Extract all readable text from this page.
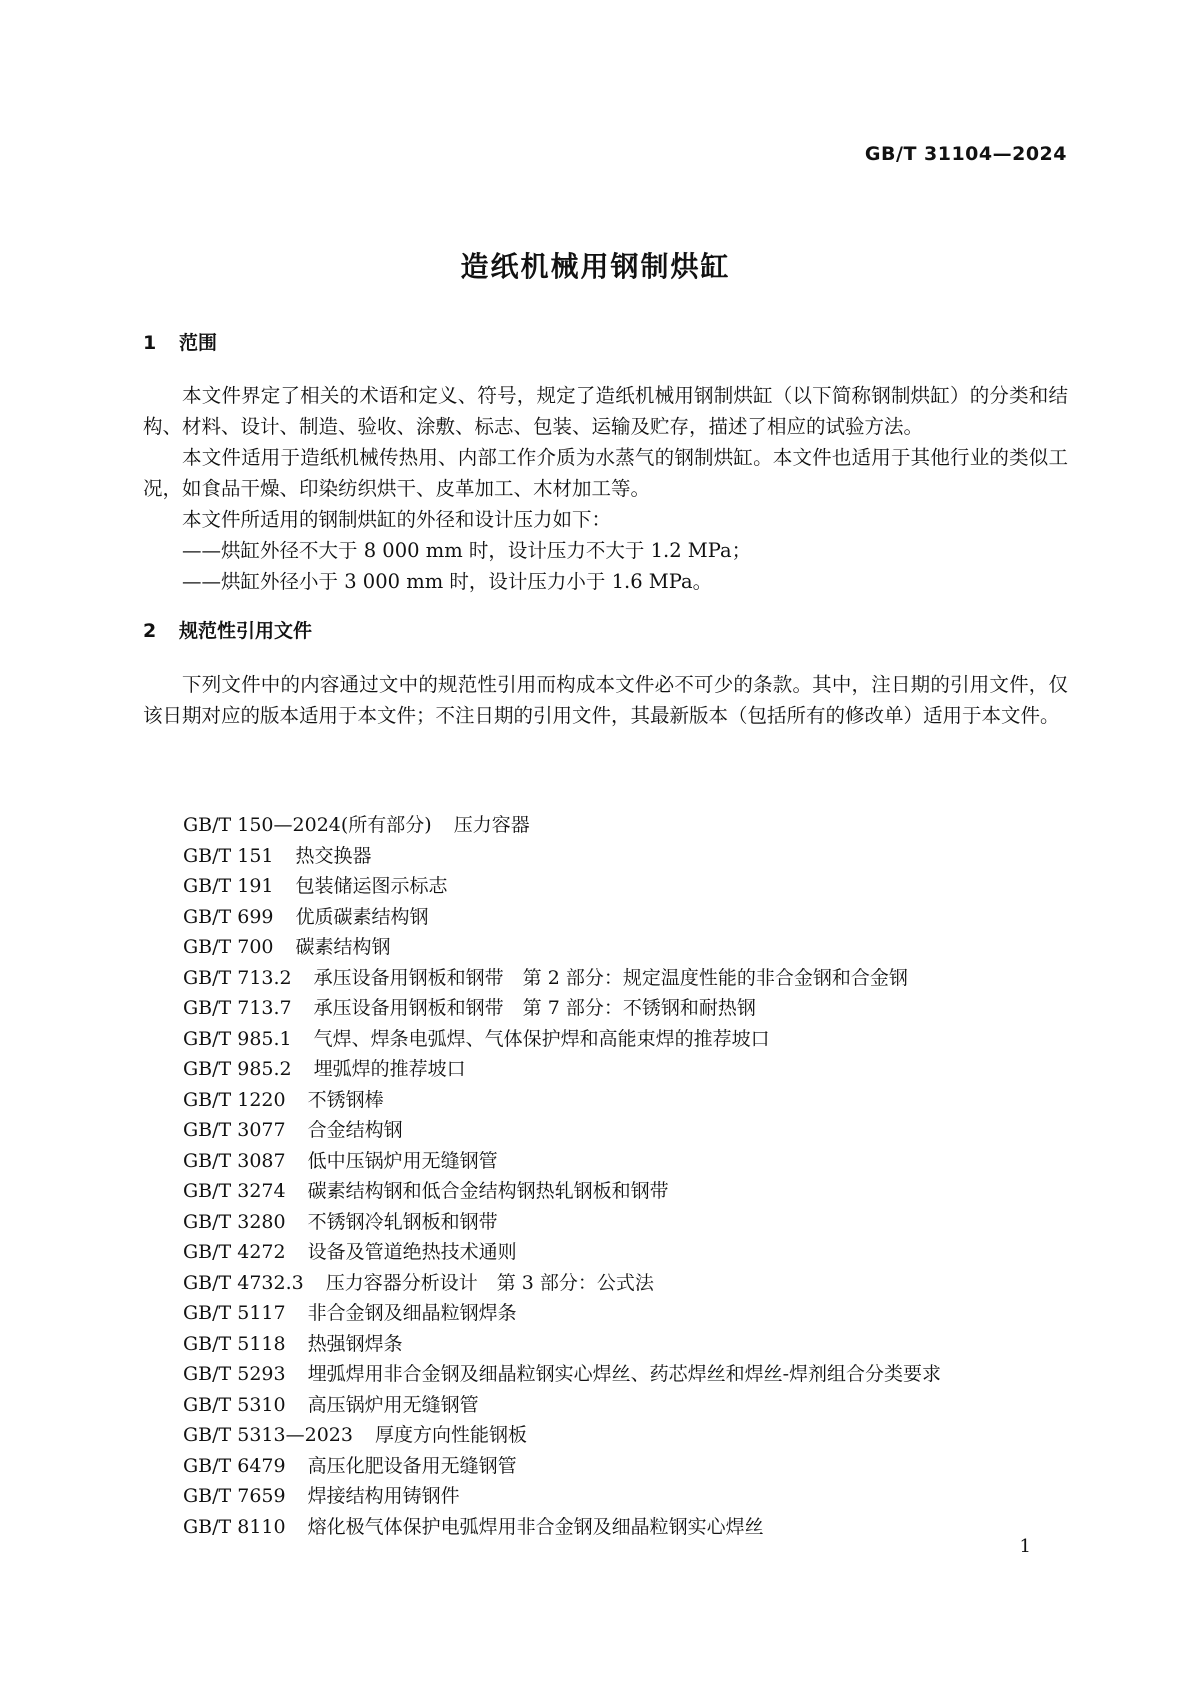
GB/T 31104—2024
造纸机械用钢制烘缸
1 范围

本文件界定了相关的术语和定义、符号，规定了造纸机械用钢制烘缸（以下简称钢制烘缸）的分类和结构、材料、设计、制造、验收、涂敷、标志、包装、运输及贮存，描述了相应的试验方法。

本文件适用于造纸机械传热用、内部工作介质为水蒸气的钢制烘缸。本文件也适用于其他行业的类似工况，如食品干燥、印染纺织烘干、皮革加工、木材加工等。

本文件所适用的钢制烘缸的外径和设计压力如下：

——烘缸外径不大于 8 000 mm 时，设计压力不大于 1.2 MPa；

——烘缸外径小于 3 000 mm 时，设计压力小于 1.6 MPa。

2 规范性引用文件

下列文件中的内容通过文中的规范性引用而构成本文件必不可少的条款。其中，注日期的引用文件，仅该日期对应的版本适用于本文件；不注日期的引用文件，其最新版本（包括所有的修改单）适用于本文件。

GB/T 150—2024(所有部分) 压力容器
GB/T 151 热交换器
GB/T 191 包装储运图示标志
GB/T 699 优质碳素结构钢
GB/T 700 碳素结构钢
GB/T 713.2 承压设备用钢板和钢带　第 2 部分：规定温度性能的非合金钢和合金钢
GB/T 713.7 承压设备用钢板和钢带　第 7 部分：不锈钢和耐热钢
GB/T 985.1 气焊、焊条电弧焊、气体保护焊和高能束焊的推荐坡口
GB/T 985.2 埋弧焊的推荐坡口
GB/T 1220 不锈钢棒
GB/T 3077 合金结构钢
GB/T 3087 低中压锅炉用无缝钢管
GB/T 3274 碳素结构钢和低合金结构钢热轧钢板和钢带
GB/T 3280 不锈钢冷轧钢板和钢带
GB/T 4272 设备及管道绝热技术通则
GB/T 4732.3 压力容器分析设计　第 3 部分：公式法
GB/T 5117 非合金钢及细晶粒钢焊条
GB/T 5118 热强钢焊条
GB/T 5293 埋弧焊用非合金钢及细晶粒钢实心焊丝、药芯焊丝和焊丝-焊剂组合分类要求
GB/T 5310 高压锅炉用无缝钢管
GB/T 5313—2023 厚度方向性能钢板
GB/T 6479 高压化肥设备用无缝钢管
GB/T 7659 焊接结构用铸钢件
GB/T 8110 熔化极气体保护电弧焊用非合金钢及细晶粒钢实心焊丝
1
